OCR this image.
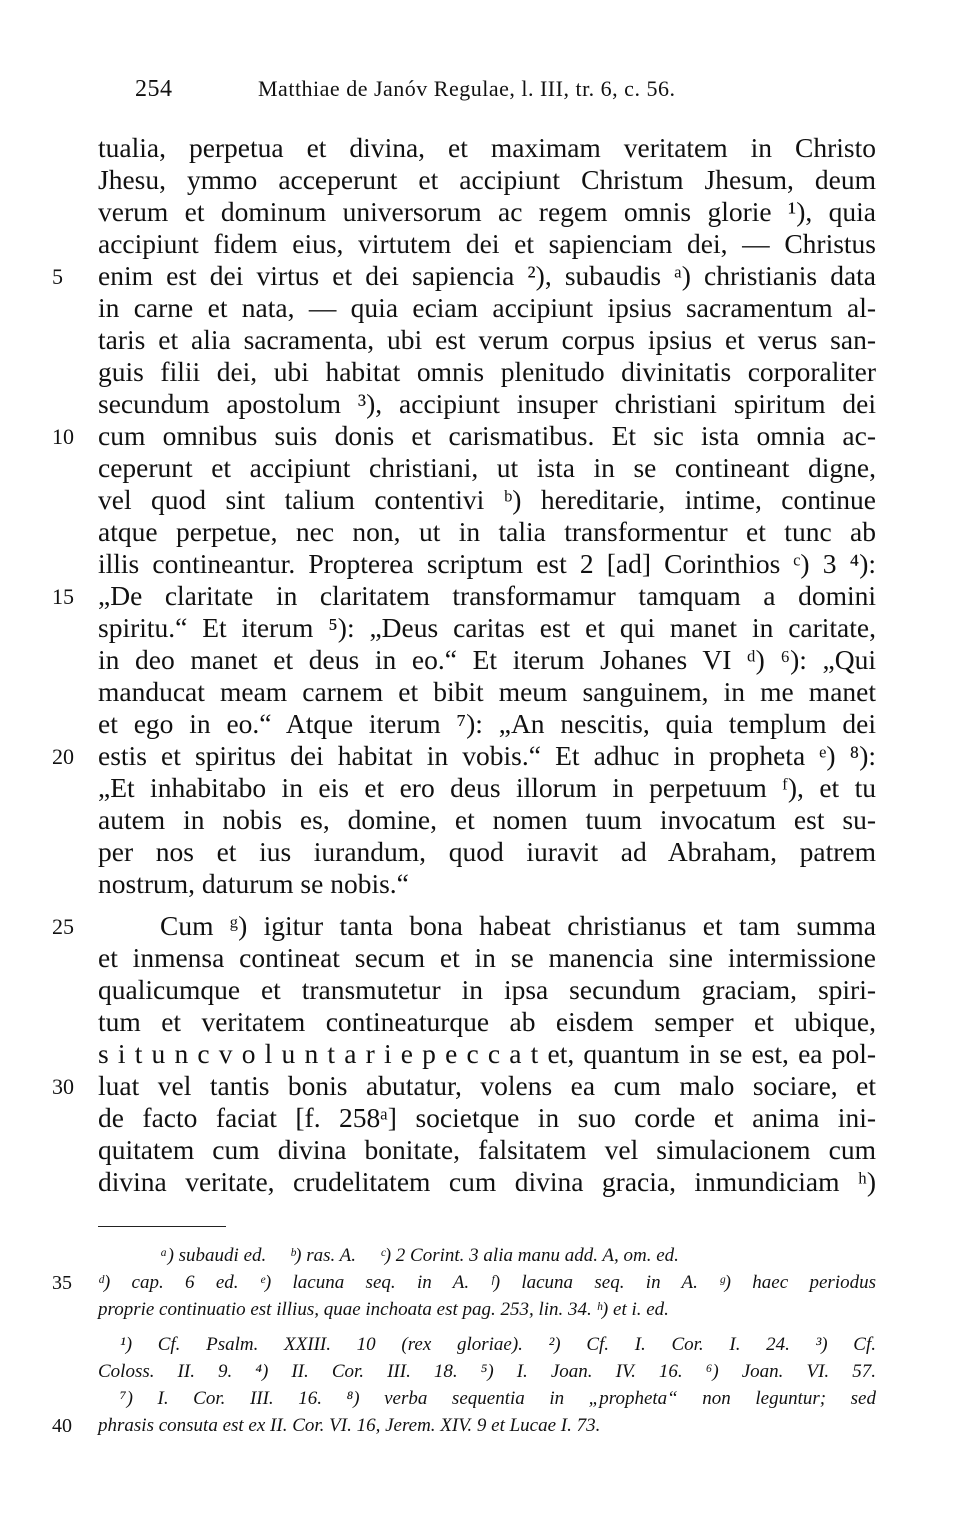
254	Matthiae de Janóv Regulae, l. III, tr. 6, c. 56.
tualia, perpetua et divina, et maximam veritatem in Christo
Jhesu, ymmo acceperunt et accipiunt Christum Jhesum, deum
verum et dominum universorum ac regem omnis glorie ¹), quia
accipiunt fidem eius, virtutem dei et sapienciam dei, — Christus
enim est dei virtus et dei sapiencia ²), subaudis ᵃ) christianis data
in carne et nata, — quia eciam accipiunt ipsius sacramentum al-
taris et alia sacramenta, ubi est verum corpus ipsius et verus san-
guis filii dei, ubi habitat omnis plenitudo divinitatis corporaliter
secundum apostolum ³), accipiunt insuper christiani spiritum dei
cum omnibus suis donis et carismatibus. Et sic ista omnia ac-
ceperunt et accipiunt christiani, ut ista in se contineant digne,
vel quod sint talium contentivi ᵇ) hereditarie, intime, continue
atque perpetue, nec non, ut in talia transformentur et tunc ab
illis contineantur. Propterea scriptum est 2 [ad] Corinthios ᶜ) 3 ⁴):
„De claritate in claritatem transformamur tamquam a domini
spiritu.“ Et iterum ⁵): „Deus caritas est et qui manet in caritate,
in deo manet et deus in eo.“ Et iterum Johanes VI ᵈ) ⁶): „Qui
manducat meam carnem et bibit meum sanguinem, in me manet
et ego in eo.“ Atque iterum ⁷): „An nescitis, quia templum dei
estis et spiritus dei habitat in vobis.“ Et adhuc in propheta ᵉ) ⁸):
„Et inhabitabo in eis et ero deus illorum in perpetuum ᶠ), et tu
autem in nobis es, domine, et nomen tuum invocatum est su-
per nos et ius iurandum, quod iuravit ad Abraham, patrem
nostrum, daturum se nobis.“
Cum ᵍ) igitur tanta bona habeat christianus et tam summa
et inmensa contineat secum et in se manencia sine intermissione
qualicumque et transmutetur in ipsa secundum graciam, spiri-
tum et veritatem contineaturque ab eisdem semper et ubique,
s i t u n c v o l u n t a r i e p e c c a t et, quantum in se est, ea pol-
luat vel tantis bonis abutatur, volens ea cum malo sociare, et
de facto faciat [f. 258ᵃ] societque in suo corde et anima ini-
quitatem cum divina bonitate, falsitatem vel simulacionem cum
divina veritate, crudelitatem cum divina gracia, inmundiciam ʰ)
5
10
15
20
25
30
ᵃ) subaudi ed.     ᵇ) ras. A.     ᶜ) 2 Corint. 3 alia manu add. A, om. ed.
ᵈ) cap. 6 ed. ᵉ) lacuna seq. in A. ᶠ) lacuna seq. in A. ᵍ) haec periodus
proprie continuatio est illius, quae inchoata est pag. 253, lin. 34. ʰ) et i. ed.
¹) Cf. Psalm. XXIII. 10 (rex gloriae). ²) Cf. I. Cor. I. 24. ³) Cf.
Coloss. II. 9. ⁴) II. Cor. III. 18. ⁵) I. Joan. IV. 16. ⁶) Joan. VI. 57.
⁷) I. Cor. III. 16. ⁸) verba sequentia in „propheta“ non leguntur; sed
phrasis consuta est ex II. Cor. VI. 16, Jerem. XIV. 9 et Lucae I. 73.
35
40
